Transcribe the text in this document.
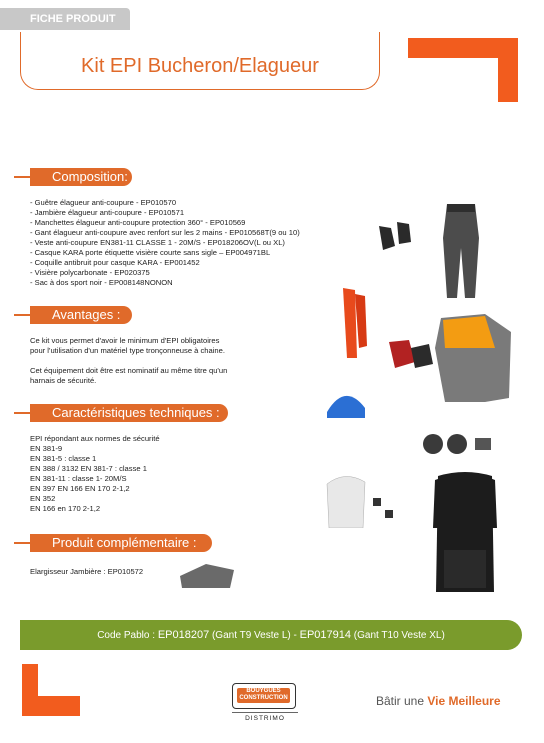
FICHE PRODUIT
Kit EPI Bucheron/Elagueur
Composition:
- Guêtre élagueur anti-coupure - EP010570
- Jambière élagueur anti-coupure - EP010571
- Manchettes élagueur anti-coupure protection 360° - EP010569
- Gant élagueur anti-coupure avec renfort sur les 2 mains - EP010568T(9 ou 10)
- Veste anti-coupure EN381-11 CLASSE 1 - 20M/S - EP018206OV(L ou XL)
- Casque KARA porte étiquette visière courte sans sigle – EP004971BL
- Coquille antibruit pour casque KARA - EP001452
- Visière polycarbonate - EP020375
- Sac à dos sport noir - EP008148NONON
Avantages :
Ce kit vous permet d'avoir le minimum d'EPI obligatoires
pour l'utilisation d'un matériel type tronçonneuse à chaine.
Cet équipement doit être est nominatif au même titre qu'un
harnais de sécurité.
Caractéristiques techniques :
EPI répondant aux normes de sécurité
EN 381-9
EN 381-5 : classe 1
EN 388 / 3132 EN 381-7 : classe 1
EN 381-11 : classe 1- 20M/S
EN 397 EN 166 EN 170 2-1,2
EN 352
EN 166 en 170 2-1,2
Produit complémentaire :
Elargisseur Jambière : EP010572
Code Pablo : EP018207 (Gant T9 Veste L) - EP017914 (Gant T10 Veste XL)
BOUYGUES
CONSTRUCTION
DISTRIMO
Bâtir une Vie Meilleure
